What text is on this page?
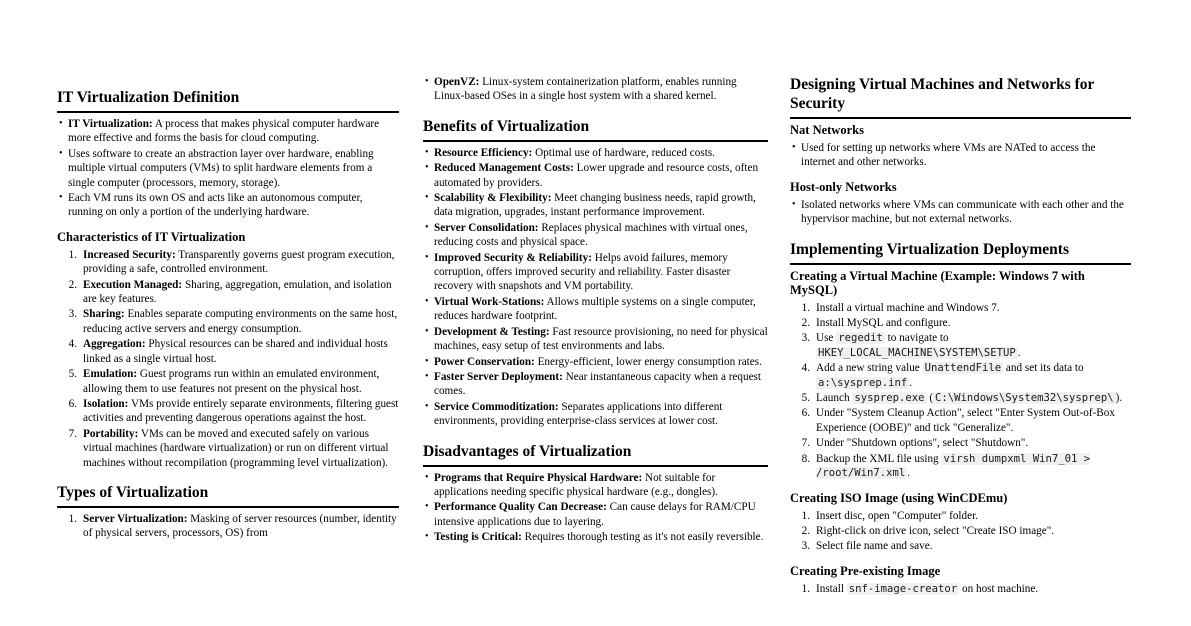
IT Virtualization Definition
• IT Virtualization: A process that makes physical computer hardware more effective and forms the basis for cloud computing.
• Uses software to create an abstraction layer over hardware, enabling multiple virtual computers (VMs) to split hardware elements from a single computer (processors, memory, storage).
• Each VM runs its own OS and acts like an autonomous computer, running on only a portion of the underlying hardware.
Characteristics of IT Virtualization
Increased Security: Transparently governs guest program execution, providing a safe, controlled environment.
Execution Managed: Sharing, aggregation, emulation, and isolation are key features.
Sharing: Enables separate computing environments on the same host, reducing active servers and energy consumption.
Aggregation: Physical resources can be shared and individual hosts linked as a single virtual host.
Emulation: Guest programs run within an emulated environment, allowing them to use features not present on the physical host.
Isolation: VMs provide entirely separate environments, filtering guest activities and preventing dangerous operations against the host.
Portability: VMs can be moved and executed safely on various virtual machines (hardware virtualization) or run on different virtual machines without recompilation (programming level virtualization).
Types of Virtualization
Server Virtualization: Masking of server resources (number, identity of physical servers, processors, OS) from
• OpenVZ: Linux-system containerization platform, enables running Linux-based OSes in a single host system with a shared kernel.
Benefits of Virtualization
• Resource Efficiency: Optimal use of hardware, reduced costs.
• Reduced Management Costs: Lower upgrade and resource costs, often automated by providers.
• Scalability & Flexibility: Meet changing business needs, rapid growth, data migration, upgrades, instant performance improvement.
• Server Consolidation: Replaces physical machines with virtual ones, reducing costs and physical space.
• Improved Security & Reliability: Helps avoid failures, memory corruption, offers improved security and reliability. Faster disaster recovery with snapshots and VM portability.
• Virtual Work-Stations: Allows multiple systems on a single computer, reduces hardware footprint.
• Development & Testing: Fast resource provisioning, no need for physical machines, easy setup of test environments and labs.
• Power Conservation: Energy-efficient, lower energy consumption rates.
• Faster Server Deployment: Near instantaneous capacity when a request comes.
• Service Commoditization: Separates applications into different environments, providing enterprise-class services at lower cost.
Disadvantages of Virtualization
• Programs that Require Physical Hardware: Not suitable for applications needing specific physical hardware (e.g., dongles).
• Performance Quality Can Decrease: Can cause delays for RAM/CPU intensive applications due to layering.
• Testing is Critical: Requires thorough testing as it's not easily reversible.
Designing Virtual Machines and Networks for Security
Nat Networks
• Used for setting up networks where VMs are NATed to access the internet and other networks.
Host-only Networks
• Isolated networks where VMs can communicate with each other and the hypervisor machine, but not external networks.
Implementing Virtualization Deployments
Creating a Virtual Machine (Example: Windows 7 with MySQL)
Install a virtual machine and Windows 7.
Install MySQL and configure.
Use regedit to navigate to HKEY_LOCAL_MACHINE\SYSTEM\SETUP .
Add a new string value UnattendFile and set its data to a:\sysprep.inf .
Launch sysprep.exe ( C:\Windows\System32\sysprep\ ).
Under "System Cleanup Action", select "Enter System Out-of-Box Experience (OOBE)" and tick "Generalize".
Under "Shutdown options", select "Shutdown".
Backup the XML file using virsh dumpxml Win7_01 > /root/Win7.xml .
Creating ISO Image (using WinCDEmu)
Insert disc, open "Computer" folder.
Right-click on drive icon, select "Create ISO image".
Select file name and save.
Creating Pre-existing Image
Install snf-image-creator on host machine.
